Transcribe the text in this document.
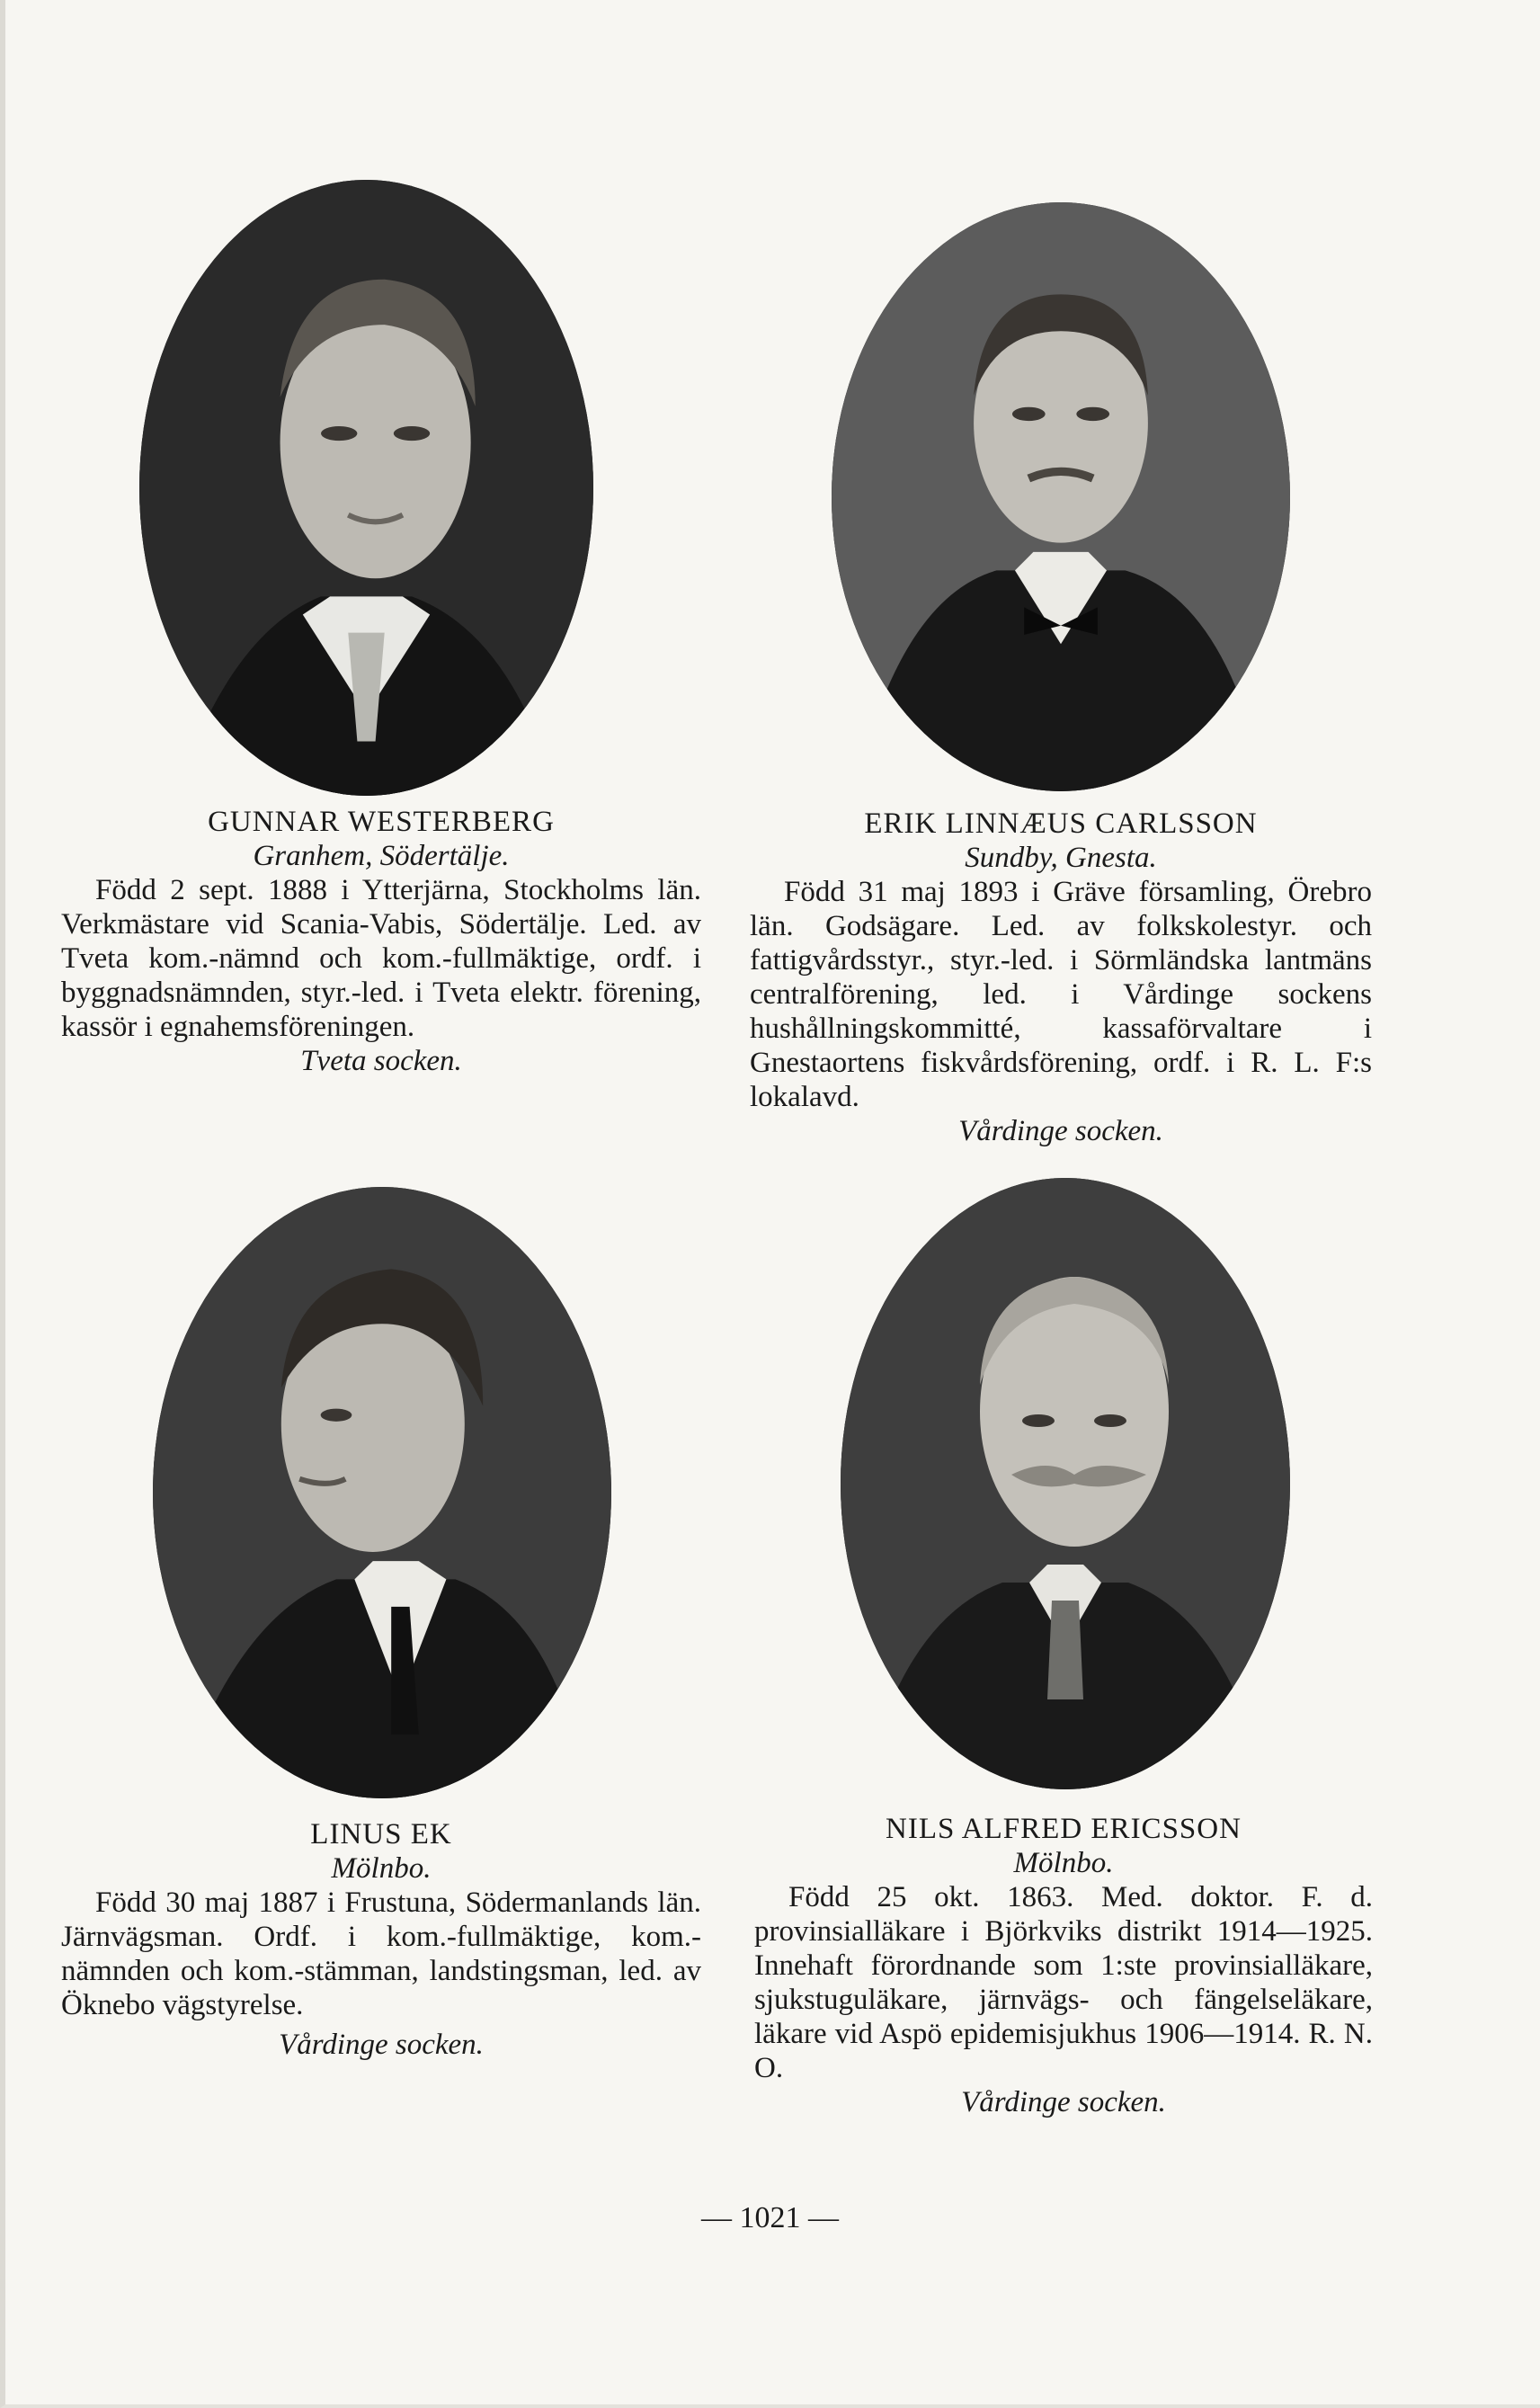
GUNNAR WESTERBERG
Granhem, Södertälje.
Född 2 sept. 1888 i Ytterjärna, Stockholms län. Verkmästare vid Scania-Vabis, Södertälje. Led. av Tveta kom.-nämnd och kom.-fullmäktige, ordf. i byggnadsnämnden, styr.-led. i Tveta elektr. förening, kassör i egnahemsföreningen.
Tveta socken.
ERIK LINNÆUS CARLSSON
Sundby, Gnesta.
Född 31 maj 1893 i Gräve församling, Örebro län. Godsägare. Led. av folkskolestyr. och fattigvårdsstyr., styr.-led. i Sörmländska lantmäns centralförening, led. i Vårdinge sockens hushållningskommitté, kassaförvaltare i Gnestaortens fiskvårdsförening, ordf. i R. L. F:s lokalavd.
Vårdinge socken.
LINUS EK
Mölnbo.
Född 30 maj 1887 i Frustuna, Södermanlands län. Järnvägsman. Ordf. i kom.-fullmäktige, kom.-nämnden och kom.-stämman, landstingsman, led. av Öknebo vägstyrelse.
Vårdinge socken.
NILS ALFRED ERICSSON
Mölnbo.
Född 25 okt. 1863. Med. doktor. F. d. provinsialläkare i Björkviks distrikt 1914—1925. Innehaft förordnande som 1:ste provinsialläkare, sjukstuguläkare, järnvägs- och fängelseläkare, läkare vid Aspö epidemisjukhus 1906—1914. R. N. O.
Vårdinge socken.
— 1021 —
